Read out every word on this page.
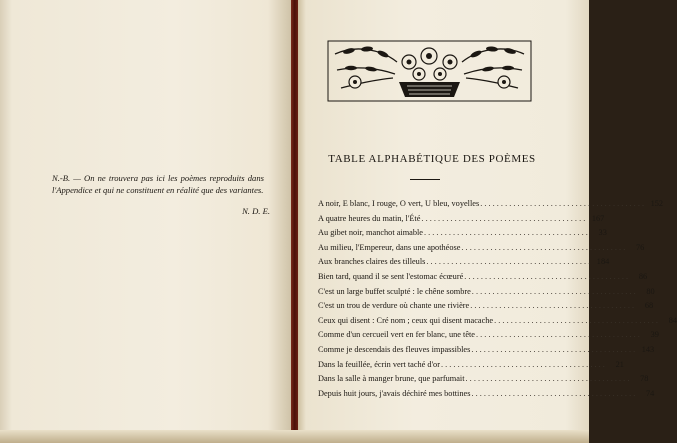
N.-B. — On ne trouvera pas ici les poèmes reproduits dans l'Appendice et qui ne constituent en réalité que des variantes.

N. D. E.
TABLE ALPHABÉTIQUE DES POÈMES
A noir, E blanc, I rouge, O vert, U bleu, voyelles . . .	152
A quatre heures du matin, l'Été . . .	167
Au gibet noir, manchot aimable . . .	33
Au milieu, l'Empereur, dans une apothéose . . .	76
Aux branches claires des tilleuls . . .	184
Bien tard, quand il se sent l'estomac écœuré . . .	86
C'est un large buffet sculpté : le chêne sombre . . .	80
C'est un trou de verdure où chante une rivière . . .	68
Ceux qui disent : Cré nom ; ceux qui disent macache . . .	84
Comme d'un cercueil vert en fer blanc, une tête . . .	39
Comme je descendais des fleuves impassibles . . .	143
Dans la feuillée, écrin vert taché d'or . . .	21
Dans la salle à manger brune, que parfumait . . .	78
Depuis huit jours, j'avais déchiré mes bottines . . .	74
